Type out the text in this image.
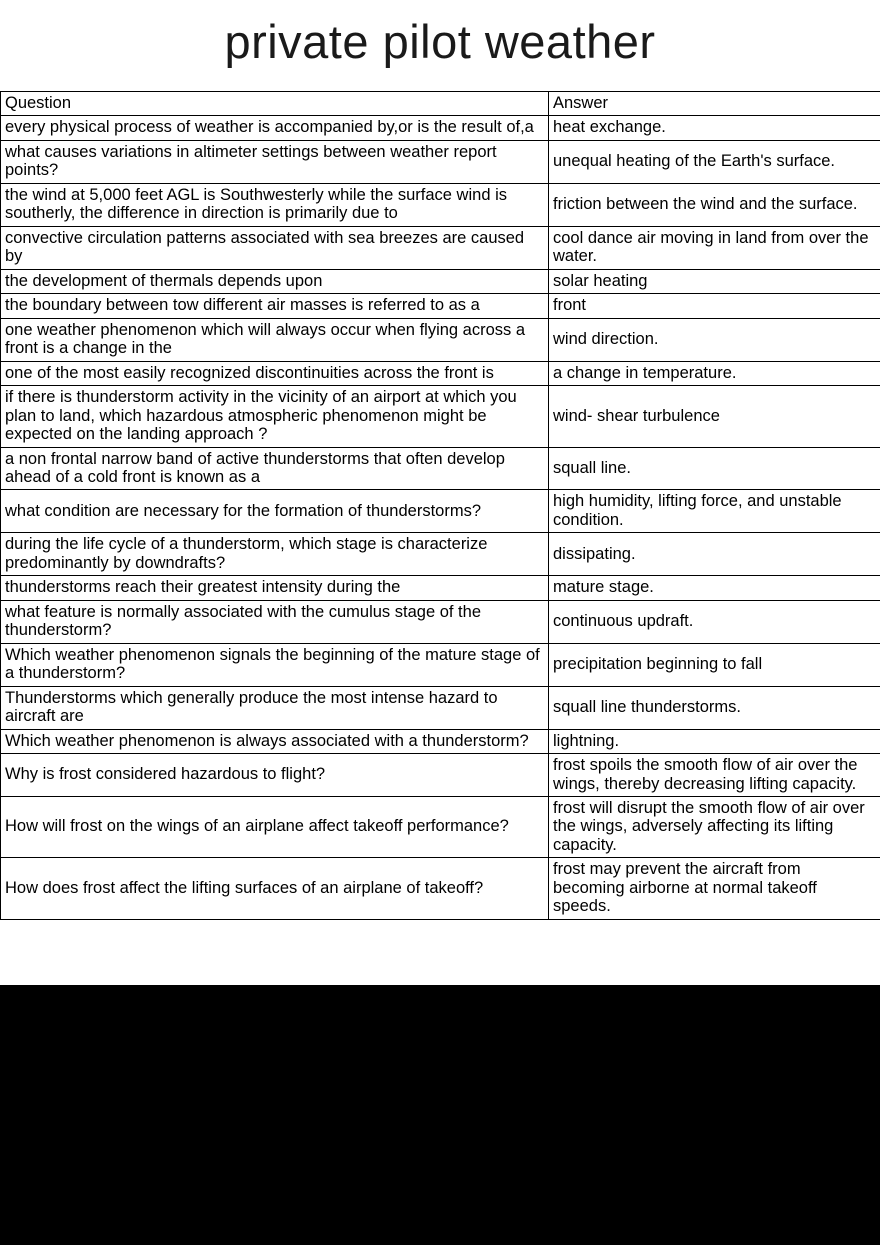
private pilot weather
Question	Answer
every physical process of weather is accompanied by,or is the result of,a	heat exchange.
what causes variations in altimeter settings between weather report points?	unequal heating of the Earth's surface.
the wind at 5,000 feet AGL is Southwesterly while the surface wind is southerly, the difference in direction is primarily due to	friction between the wind and the surface.
convective circulation patterns associated with sea breezes are caused by	cool dance air moving in land from over the water.
the development of thermals depends upon	solar heating
the boundary between tow different air masses is referred to as a	front
one weather phenomenon which will always occur when flying across a front is a change in the	wind direction.
one of the most easily recognized discontinuities across the front is	a change in temperature.
if there is thunderstorm activity in the vicinity of an airport at which you plan to land, which hazardous atmospheric phenomenon might be expected on the landing approach ?	wind- shear turbulence
a non frontal narrow band of active thunderstorms that often develop ahead of a cold front is known as a	squall line.
what condition are necessary for the formation of thunderstorms?	high humidity, lifting force, and unstable condition.
during the life cycle of a thunderstorm, which stage is characterize predominantly by downdrafts?	dissipating.
thunderstorms reach their greatest intensity during the	mature stage.
what feature is normally associated with the cumulus stage of the thunderstorm?	continuous updraft.
Which weather phenomenon signals the beginning of the mature stage of a thunderstorm?	precipitation beginning to fall
Thunderstorms which generally produce the most intense hazard to aircraft are	squall line thunderstorms.
Which weather phenomenon is always associated with a thunderstorm?	lightning.
Why is frost considered hazardous to flight?	frost spoils the smooth flow of air over the wings, thereby decreasing lifting capacity.
How will frost on the wings of an airplane affect takeoff performance?	frost will disrupt the smooth flow of air over the wings, adversely affecting its lifting capacity.
How does frost affect the lifting surfaces of an airplane of takeoff?	frost may prevent the aircraft from becoming airborne at normal takeoff speeds.
